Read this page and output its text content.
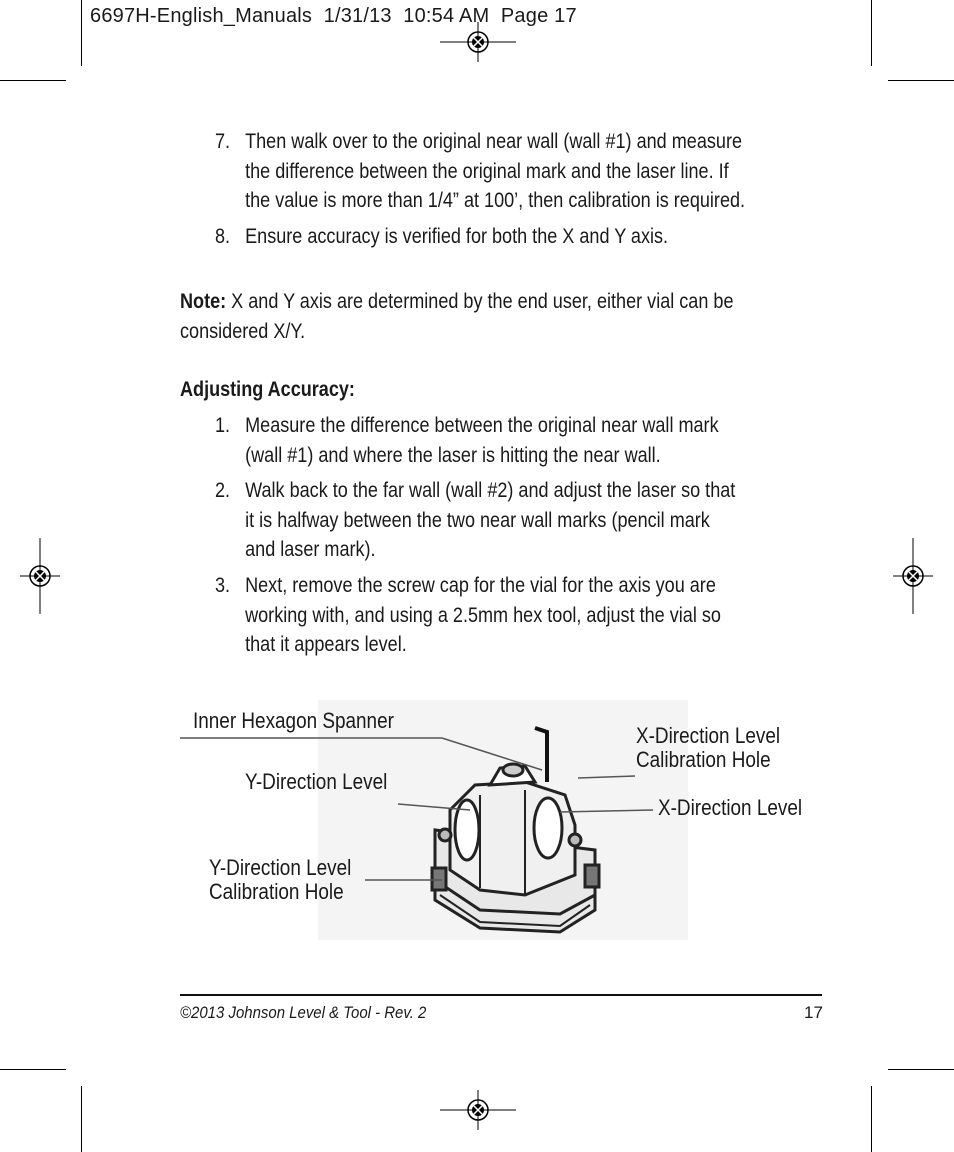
6697H-English_Manuals  1/31/13  10:54 AM  Page 17
7. Then walk over to the original near wall (wall #1) and measure
the difference between the original mark and the laser line. If
the value is more than 1/4” at 100’, then calibration is required.
8. Ensure accuracy is verified for both the X and Y axis.
Note: X and Y axis are determined by the end user, either vial can be
considered X/Y.
Adjusting Accuracy:
1. Measure the difference between the original near wall mark
(wall #1) and where the laser is hitting the near wall.
2. Walk back to the far wall (wall #2) and adjust the laser so that
it is halfway between the two near wall marks (pencil mark
and laser mark).
3. Next, remove the screw cap for the vial for the axis you are
working with, and using a 2.5mm hex tool, adjust the vial so
that it appears level.
Inner Hexagon Spanner
X-Direction Level
Calibration Hole
Y-Direction Level
X-Direction Level
Y-Direction Level
Calibration Hole
©2013 Johnson Level & Tool - Rev. 2	17
